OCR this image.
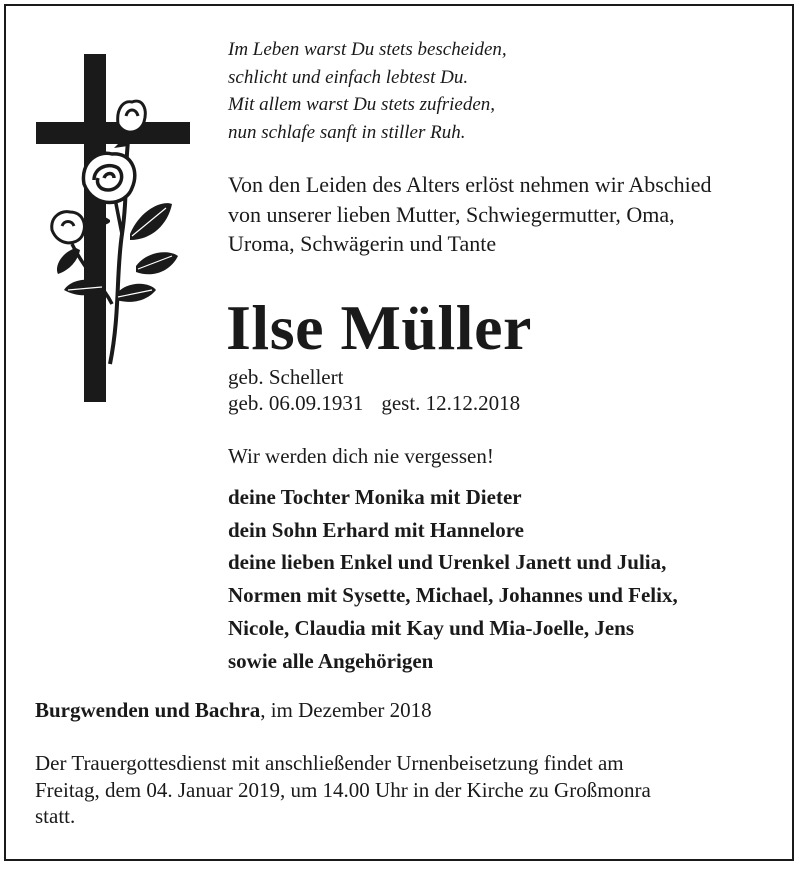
Im Leben warst Du stets bescheiden,
schlicht und einfach lebtest Du.
Mit allem warst Du stets zufrieden,
nun schlafe sanft in stiller Ruh.
Von den Leiden des Alters erlöst nehmen wir Abschied
von unserer lieben Mutter, Schwiegermutter, Oma,
Uroma, Schwägerin und Tante
Ilse Müller
geb. Schellert
geb. 06.09.1931 gest. 12.12.2018
Wir werden dich nie vergessen!
deine Tochter Monika mit Dieter
dein Sohn Erhard mit Hannelore
deine lieben Enkel und Urenkel Janett und Julia,
Normen mit Sysette, Michael, Johannes und Felix,
Nicole, Claudia mit Kay und Mia-Joelle, Jens
sowie alle Angehörigen
Burgwenden und Bachra, im Dezember 2018
Der Trauergottesdienst mit anschließender Urnenbeisetzung findet am
Freitag, dem 04. Januar 2019, um 14.00 Uhr in der Kirche zu Großmonra
statt.
